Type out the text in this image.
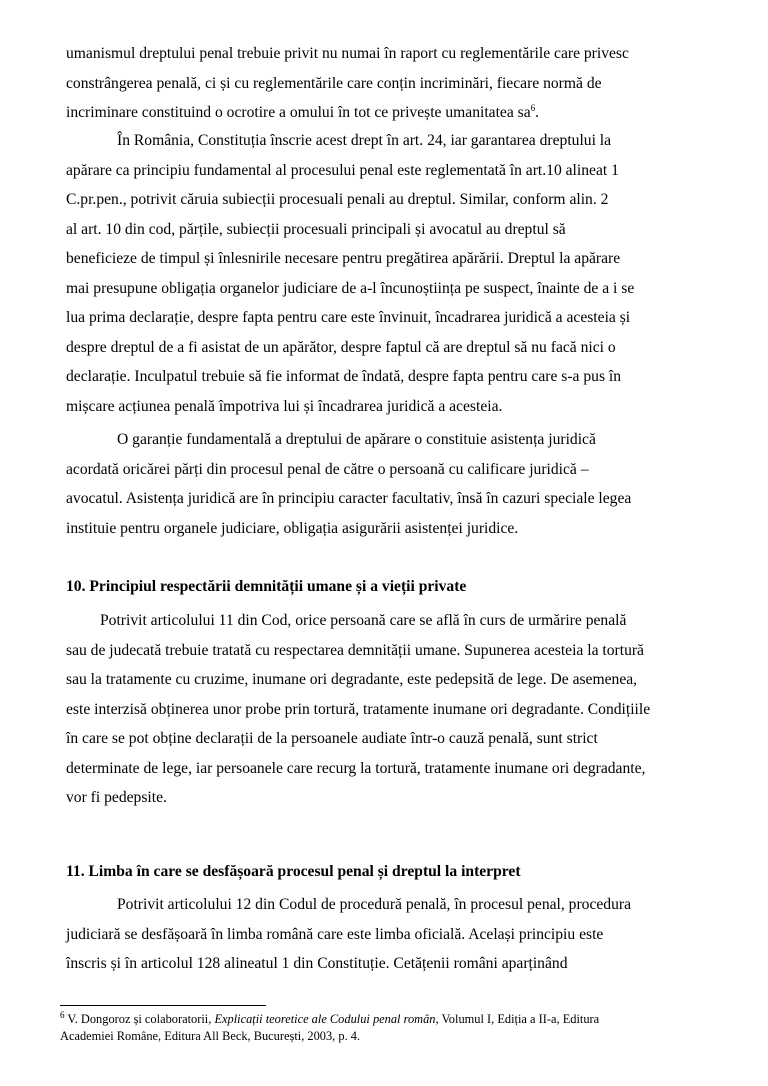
umanismul dreptului penal trebuie privit nu numai în raport cu reglementările care privesc
constrângerea penală, ci și cu reglementările care conțin incriminări, fiecare normă de
incriminare constituind o ocrotire a omului în tot ce privește umanitatea $sa^6$.
În România, Constituția înscrie acest drept în art. 24, iar garantarea dreptului la
apărare ca principiu fundamental al procesului penal este reglementată în art.10 alineat 1
C.pr.pen., potrivit căruia subiecții procesuali penali au dreptul. Similar, conform alin. 2
al art. 10 din cod, părțile, subiecții procesuali principali și avocatul au dreptul să
beneficieze de timpul și înlesnirile necesare pentru pregătirea apărării. Dreptul la apărare
mai presupune obligația organelor judiciare de a-l încunoștiința pe suspect, înainte de a i se
lua prima declarație, despre fapta pentru care este învinuit, încadrarea juridică a acesteia și
despre dreptul de a fi asistat de un apărător, despre faptul că are dreptul să nu facă nici o
declarație. Inculpatul trebuie să fie informat de îndată, despre fapta pentru care s-a pus în
mișcare acțiunea penală împotriva lui și încadrarea juridică a acesteia.
O garanție fundamentală a dreptului de apărare o constituie asistența juridică
acordată oricărei părți din procesul penal de către o persoană cu calificare juridică –
avocatul. Asistența juridică are în principiu caracter facultativ, însă în cazuri speciale legea
instituie pentru organele judiciare, obligația asigurării asistenței juridice.

10. Principiul respectării demnității umane și a vieții private

Potrivit articolului 11 din Cod, orice persoană care se află în curs de urmărire penală
sau de judecată trebuie tratată cu respectarea demnității umane. Supunerea acesteia la tortură
sau la tratamente cu cruzime, inumane ori degradante, este pedepsită de lege. De asemenea,
este interzisă obținerea unor probe prin tortură, tratamente inumane ori degradante. Condițiile
în care se pot obține declarații de la persoanele audiate într-o cauză penală, sunt strict
determinate de lege, iar persoanele care recurg la tortură, tratamente inumane ori degradante,
vor fi pedepsite.

11. Limba în care se desfășoară procesul penal și dreptul la interpret

Potrivit articolului 12 din Codul de procedură penală, în procesul penal, procedura
judiciară se desfășoară în limba română care este limba oficială. Același principiu este
înscris și în articolul 128 alineatul 1 din Constituție. Cetățenii români aparținând
$^6$ V. Dongoroz și colaboratorii, Explicații teoretice ale Codului penal român, Volumul I, Ediția a II-a, Editura
Academiei Române, Editura All Beck, București, 2003, p. 4.
